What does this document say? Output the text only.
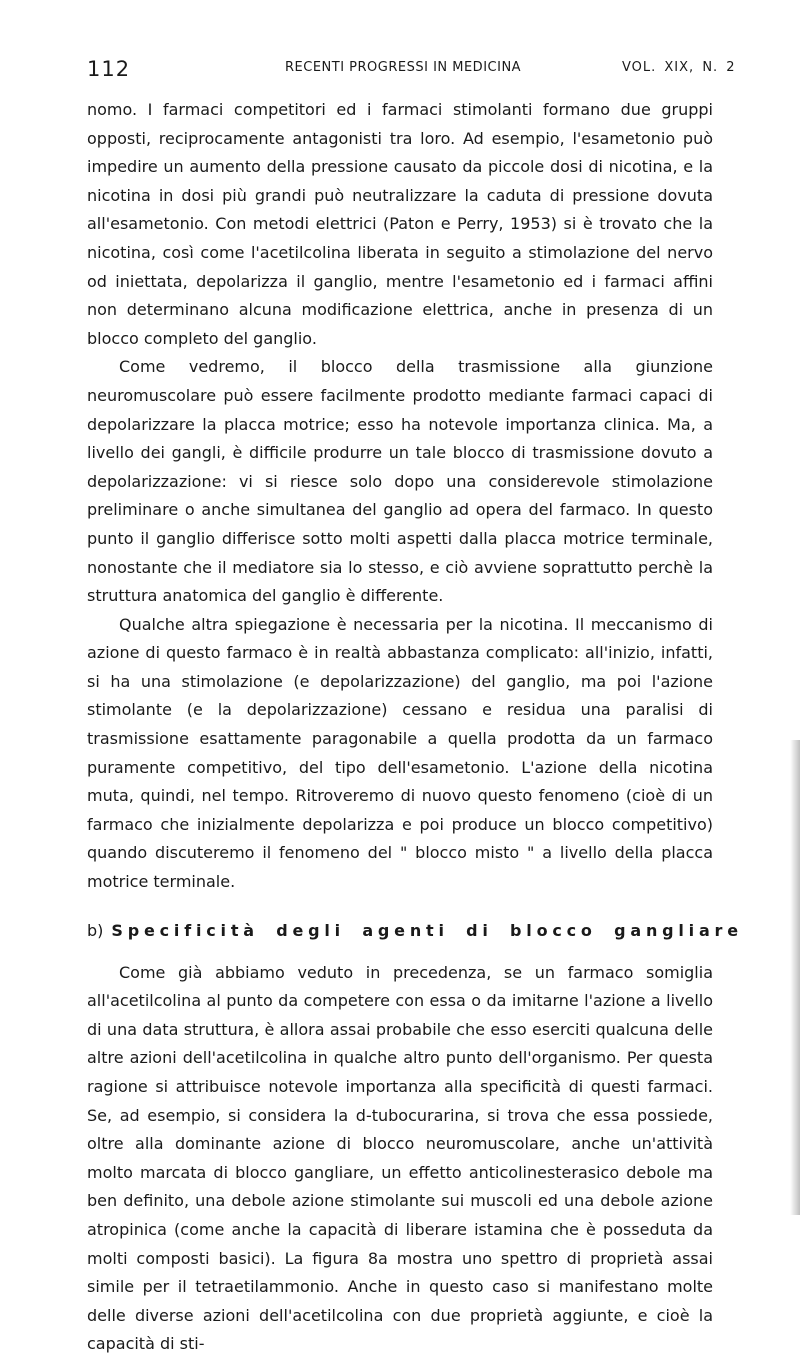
112	RECENTI PROGRESSI IN MEDICINA	VOL. XIX, N. 2

nomo. I farmaci competitori ed i farmaci stimolanti formano due gruppi opposti, reciprocamente antagonisti tra loro. Ad esempio, l'esametonio può impedire un aumento della pressione causato da piccole dosi di nicotina, e la nicotina in dosi più grandi può neutralizzare la caduta di pressione dovuta all'esametonio. Con metodi elettrici (Paton e Perry, 1953) si è trovato che la nicotina, così come l'acetilcolina liberata in seguito a stimolazione del nervo od iniettata, depolarizza il ganglio, mentre l'esametonio ed i farmaci affini non determinano alcuna modificazione elettrica, anche in presenza di un blocco completo del ganglio.

Come vedremo, il blocco della trasmissione alla giunzione neuromuscolare può essere facilmente prodotto mediante farmaci capaci di depolarizzare la placca motrice; esso ha notevole importanza clinica. Ma, a livello dei gangli, è difficile produrre un tale blocco di trasmissione dovuto a depolarizzazione: vi si riesce solo dopo una considerevole stimolazione preliminare o anche simultanea del ganglio ad opera del farmaco. In questo punto il ganglio differisce sotto molti aspetti dalla placca motrice terminale, nonostante che il mediatore sia lo stesso, e ciò avviene soprattutto perchè la struttura anatomica del ganglio è differente.

Qualche altra spiegazione è necessaria per la nicotina. Il meccanismo di azione di questo farmaco è in realtà abbastanza complicato: all'inizio, infatti, si ha una stimolazione (e depolarizzazione) del ganglio, ma poi l'azione stimolante (e la depolarizzazione) cessano e residua una paralisi di trasmissione esattamente paragonabile a quella prodotta da un farmaco puramente competitivo, del tipo dell'esametonio. L'azione della nicotina muta, quindi, nel tempo. Ritroveremo di nuovo questo fenomeno (cioè di un farmaco che inizialmente depolarizza e poi produce un blocco competitivo) quando discuteremo il fenomeno del " blocco misto " a livello della placca motrice terminale.

b) Specificità degli agenti di blocco gangliare

Come già abbiamo veduto in precedenza, se un farmaco somiglia all'acetilcolina al punto da competere con essa o da imitarne l'azione a livello di una data struttura, è allora assai probabile che esso eserciti qualcuna delle altre azioni dell'acetilcolina in qualche altro punto dell'organismo. Per questa ragione si attribuisce notevole importanza alla specificità di questi farmaci. Se, ad esempio, si considera la d-tubocurarina, si trova che essa possiede, oltre alla dominante azione di blocco neuromuscolare, anche un'attività molto marcata di blocco gangliare, un effetto anticolinesterasico debole ma ben definito, una debole azione stimolante sui muscoli ed una debole azione atropinica (come anche la capacità di liberare istamina che è posseduta da molti composti basici). La figura 8a mostra uno spettro di proprietà assai simile per il tetraetilammonio. Anche in questo caso si manifestano molte delle diverse azioni dell'acetilcolina con due proprietà aggiunte, e cioè la capacità di sti-
